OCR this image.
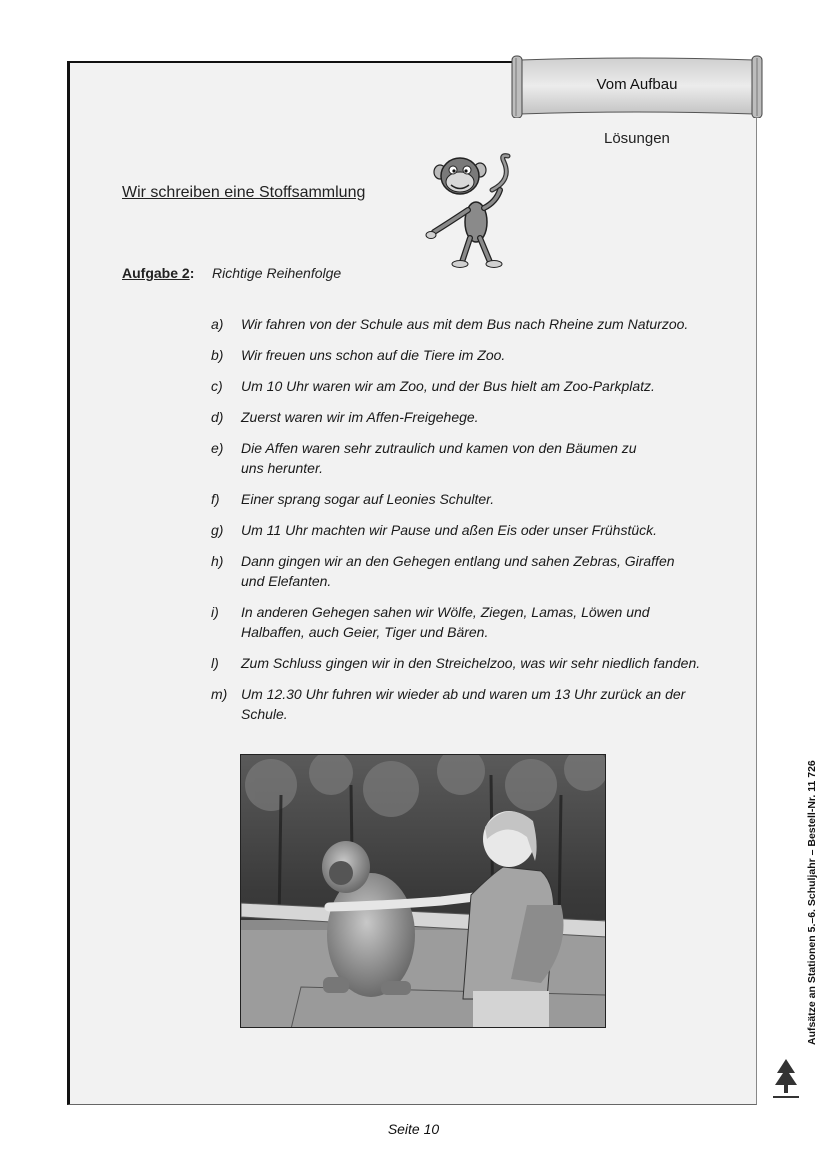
Vom Aufbau
Lösungen
Wir schreiben eine Stoffsammlung
Aufgabe 2: Richtige Reihenfolge
a)	Wir fahren von der Schule aus mit dem Bus nach Rheine zum Naturzoo.
b)	Wir freuen uns schon auf die Tiere im Zoo.
c)	Um 10 Uhr waren wir am Zoo, und der Bus hielt am Zoo-Parkplatz.
d)	Zuerst waren wir im Affen-Freigehege.
e)	Die Affen waren sehr zutraulich und kamen von den Bäumen zu uns herunter.
f)	Einer sprang sogar auf Leonies Schulter.
g)	Um 11 Uhr machten wir Pause und aßen Eis oder unser Frühstück.
h)	Dann gingen wir an den Gehegen entlang und sahen Zebras, Giraffen und Elefanten.
i)	In anderen Gehegen sahen wir Wölfe, Ziegen, Lamas, Löwen und Halbaffen, auch Geier, Tiger und Bären.
l)	Zum Schluss gingen wir in den Streichelzoo, was wir sehr niedlich fanden.
m) Um 12.30 Uhr fuhren wir wieder ab und waren um 13 Uhr zurück an der Schule.
Aufsätze an Stationen 5.–6. Schuljahr – Bestell-Nr. 11 726
Seite 10
